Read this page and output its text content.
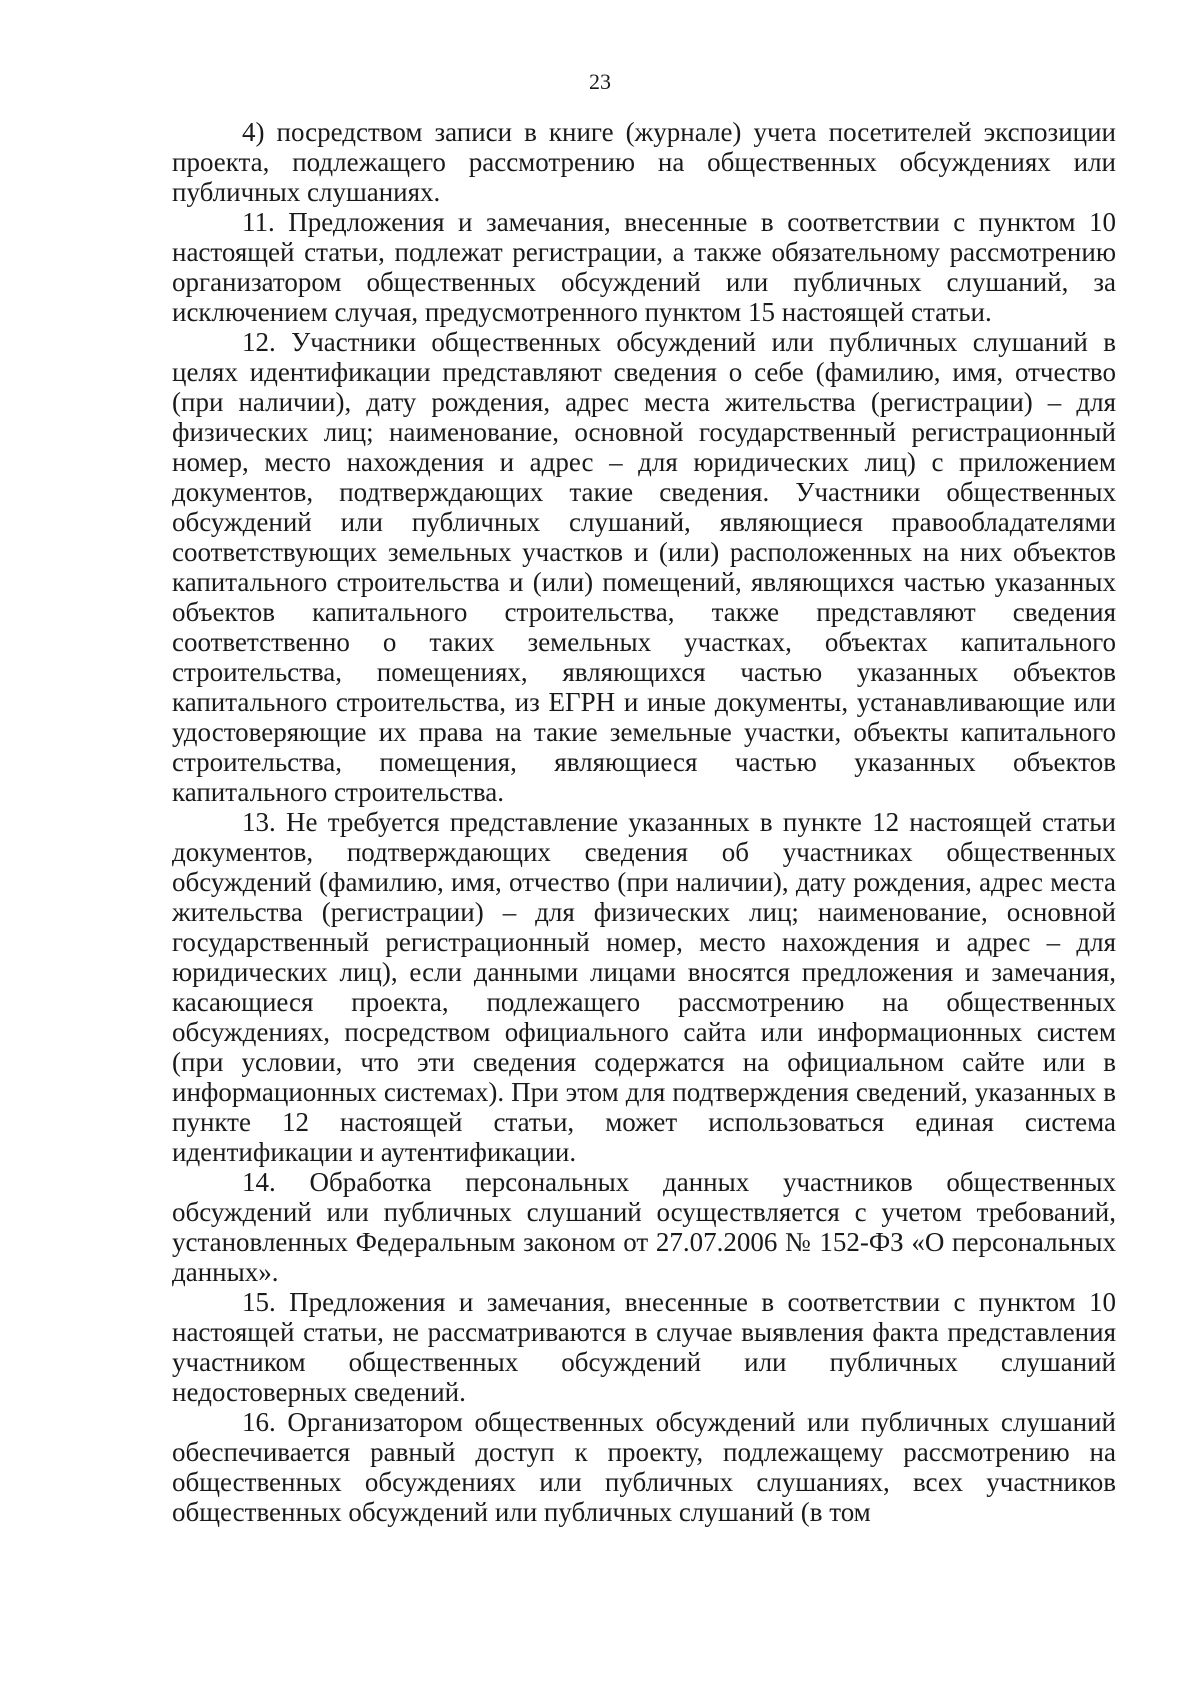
23

4) посредством записи в книге (журнале) учета посетителей экспозиции проекта, подлежащего рассмотрению на общественных обсуждениях или публичных слушаниях.

11. Предложения и замечания, внесенные в соответствии с пунктом 10 настоящей статьи, подлежат регистрации, а также обязательному рассмотрению организатором общественных обсуждений или публичных слушаний, за исключением случая, предусмотренного пунктом 15 настоящей статьи.

12. Участники общественных обсуждений или публичных слушаний в целях идентификации представляют сведения о себе (фамилию, имя, отчество (при наличии), дату рождения, адрес места жительства (регистрации) – для физических лиц; наименование, основной государственный регистрационный номер, место нахождения и адрес – для юридических лиц) с приложением документов, подтверждающих такие сведения. Участники общественных обсуждений или публичных слушаний, являющиеся правообладателями соответствующих земельных участков и (или) расположенных на них объектов капитального строительства и (или) помещений, являющихся частью указанных объектов капитального строительства, также представляют сведения соответственно о таких земельных участках, объектах капитального строительства, помещениях, являющихся частью указанных объектов капитального строительства, из ЕГРН и иные документы, устанавливающие или удостоверяющие их права на такие земельные участки, объекты капитального строительства, помещения, являющиеся частью указанных объектов капитального строительства.

13. Не требуется представление указанных в пункте 12 настоящей статьи документов, подтверждающих сведения об участниках общественных обсуждений (фамилию, имя, отчество (при наличии), дату рождения, адрес места жительства (регистрации) – для физических лиц; наименование, основной государственный регистрационный номер, место нахождения и адрес – для юридических лиц), если данными лицами вносятся предложения и замечания, касающиеся проекта, подлежащего рассмотрению на общественных обсуждениях, посредством официального сайта или информационных систем (при условии, что эти сведения содержатся на официальном сайте или в информационных системах). При этом для подтверждения сведений, указанных в пункте 12 настоящей статьи, может использоваться единая система идентификации и аутентификации.

14. Обработка персональных данных участников общественных обсуждений или публичных слушаний осуществляется с учетом требований, установленных Федеральным законом от 27.07.2006 № 152-ФЗ «О персональных данных».

15. Предложения и замечания, внесенные в соответствии с пунктом 10 настоящей статьи, не рассматриваются в случае выявления факта представления участником общественных обсуждений или публичных слушаний недостоверных сведений.

16. Организатором общественных обсуждений или публичных слушаний обеспечивается равный доступ к проекту, подлежащему рассмотрению на общественных обсуждениях или публичных слушаниях, всех участников общественных обсуждений или публичных слушаний (в том
